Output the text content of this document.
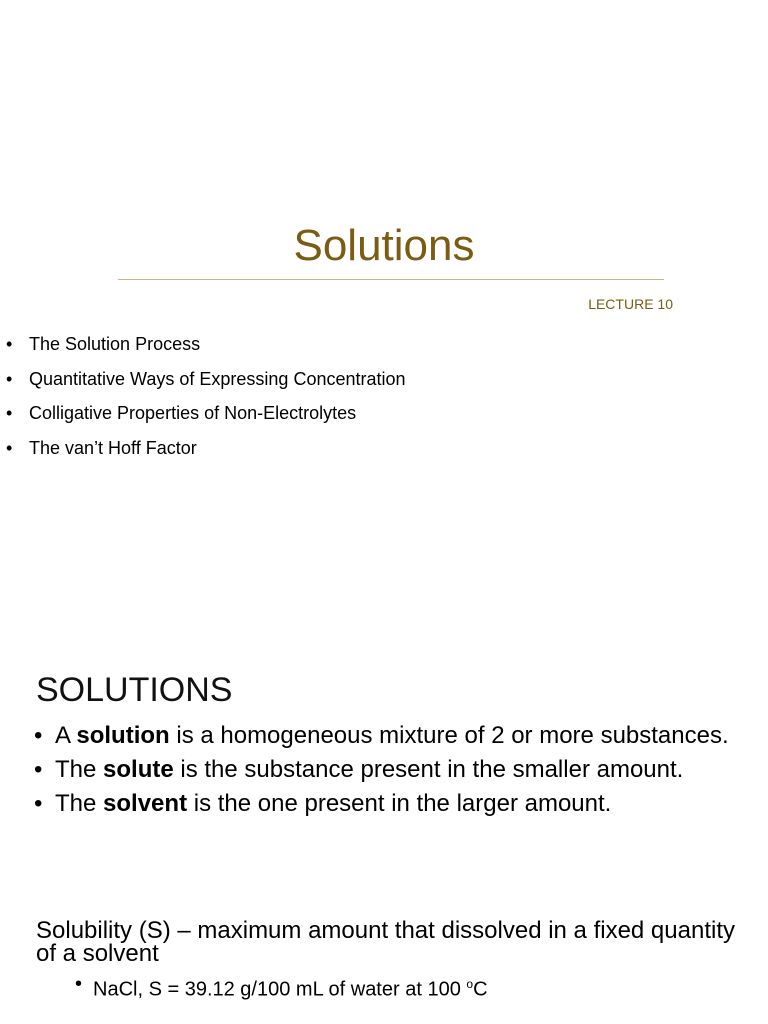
Solutions
LECTURE 10
• The Solution Process
• Quantitative Ways of Expressing Concentration
• Colligative Properties of Non-Electrolytes
• The van’t Hoff Factor
SOLUTIONS
• A solution is a homogeneous mixture of 2 or more substances.
• The solute is the substance present in the smaller amount.
• The solvent is the one present in the larger amount.
Solubility (S) – maximum amount that dissolved in a fixed quantity of a solvent
• NaCl, S = 39.12 g/100 mL of water at 100 $^o$C
